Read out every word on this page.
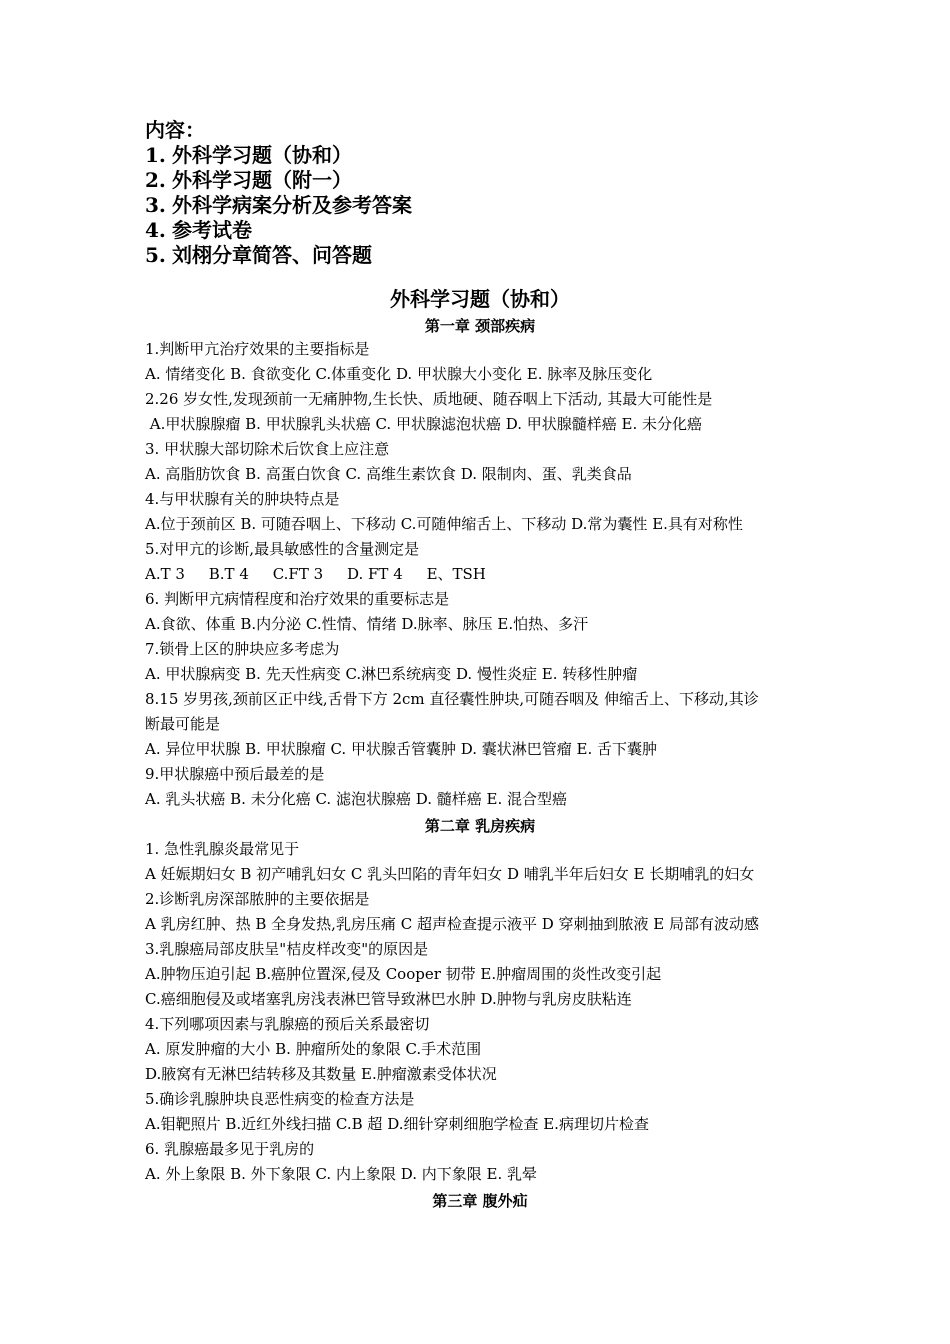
内容：
1. 外科学习题（协和）
2. 外科学习题（附一）
3. 外科学病案分析及参考答案
4. 参考试卷
5. 刘栩分章简答、问答题
外科学习题（协和）
第一章 颈部疾病
1.判断甲亢治疗效果的主要指标是
A. 情绪变化 B. 食欲变化 C.体重变化 D. 甲状腺大小变化 E. 脉率及脉压变化
2.26 岁女性,发现颈前一无痛肿物,生长快、质地硬、随吞咽上下活动, 其最大可能性是
A.甲状腺腺瘤 B. 甲状腺乳头状癌 C. 甲状腺滤泡状癌 D. 甲状腺髓样癌 E. 未分化癌
3. 甲状腺大部切除术后饮食上应注意
A. 高脂肪饮食 B. 高蛋白饮食 C. 高维生素饮食 D. 限制肉、蛋、乳类食品
4.与甲状腺有关的肿块特点是
A.位于颈前区 B. 可随吞咽上、下移动 C.可随伸缩舌上、下移动 D.常为囊性 E.具有对称性
5.对甲亢的诊断,最具敏感性的含量测定是
A.T 3     B.T 4     C.FT 3     D. FT 4     E、TSH
6. 判断甲亢病情程度和治疗效果的重要标志是
A.食欲、体重 B.内分泌 C.性情、情绪 D.脉率、脉压 E.怕热、多汗
7.锁骨上区的肿块应多考虑为
A. 甲状腺病变 B. 先天性病变 C.淋巴系统病变 D. 慢性炎症 E. 转移性肿瘤
8.15 岁男孩,颈前区正中线,舌骨下方 2cm 直径囊性肿块,可随吞咽及 伸缩舌上、下移动,其诊
断最可能是
A. 异位甲状腺 B. 甲状腺瘤 C. 甲状腺舌管囊肿 D. 囊状淋巴管瘤 E. 舌下囊肿
9.甲状腺癌中预后最差的是
A. 乳头状癌 B. 未分化癌 C. 滤泡状腺癌 D. 髓样癌 E. 混合型癌
第二章 乳房疾病
1. 急性乳腺炎最常见于
A 妊娠期妇女 B 初产哺乳妇女 C 乳头凹陷的青年妇女 D 哺乳半年后妇女 E 长期哺乳的妇女
2.诊断乳房深部脓肿的主要依据是
A 乳房红肿、热 B 全身发热,乳房压痛 C 超声检查提示液平 D 穿刺抽到脓液 E 局部有波动感
3.乳腺癌局部皮肤呈"桔皮样改变"的原因是
A.肿物压迫引起 B.癌肿位置深,侵及 Cooper 韧带 E.肿瘤周围的炎性改变引起
C.癌细胞侵及或堵塞乳房浅表淋巴管导致淋巴水肿 D.肿物与乳房皮肤粘连
4.下列哪项因素与乳腺癌的预后关系最密切
A. 原发肿瘤的大小 B. 肿瘤所处的象限 C.手术范围
D.腋窝有无淋巴结转移及其数量 E.肿瘤激素受体状况
5.确诊乳腺肿块良恶性病变的检查方法是
A.钼靶照片 B.近红外线扫描 C.B 超 D.细针穿刺细胞学检查 E.病理切片检查
6. 乳腺癌最多见于乳房的
A. 外上象限 B. 外下象限 C. 内上象限 D. 内下象限 E. 乳晕
第三章 腹外疝
